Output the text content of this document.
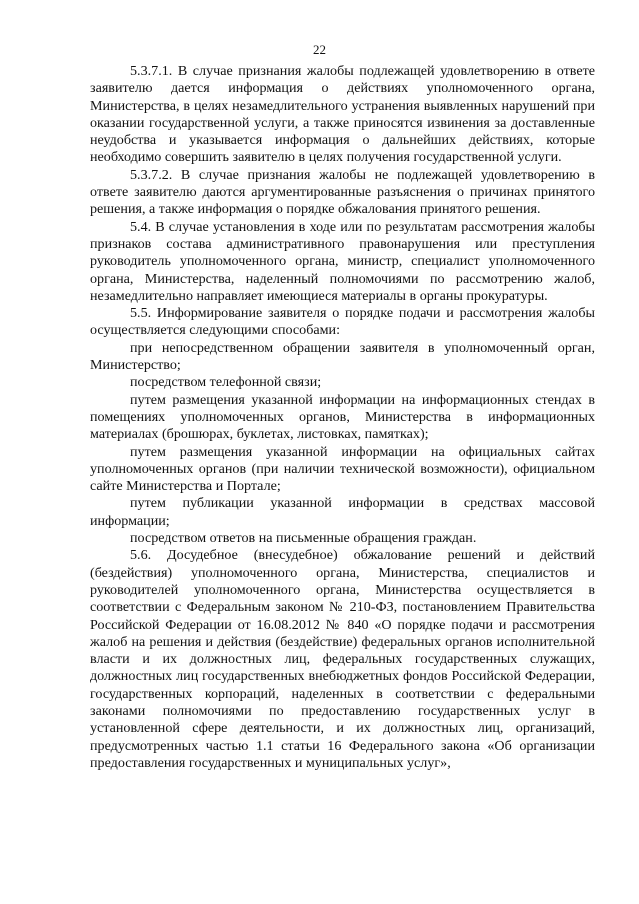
22

5.3.7.1. В случае признания жалобы подлежащей удовлетворению в ответе заявителю дается информация о действиях уполномоченного органа, Министерства, в целях незамедлительного устранения выявленных нарушений при оказании государственной услуги, а также приносятся извинения за доставленные неудобства и указывается информация о дальнейших действиях, которые необходимо совершить заявителю в целях получения государственной услуги.

5.3.7.2. В случае признания жалобы не подлежащей удовлетворению в ответе заявителю даются аргументированные разъяснения о причинах принятого решения, а также информация о порядке обжалования принятого решения.

5.4. В случае установления в ходе или по результатам рассмотрения жалобы признаков состава административного правонарушения или преступления руководитель уполномоченного органа, министр, специалист уполномоченного органа, Министерства, наделенный полномочиями по рассмотрению жалоб, незамедлительно направляет имеющиеся материалы в органы прокуратуры.

5.5. Информирование заявителя о порядке подачи и рассмотрения жалобы осуществляется следующими способами:

при непосредственном обращении заявителя в уполномоченный орган, Министерство;

посредством телефонной связи;

путем размещения указанной информации на информационных стендах в помещениях уполномоченных органов, Министерства в информационных материалах (брошюрах, буклетах, листовках, памятках);

путем размещения указанной информации на официальных сайтах уполномоченных органов (при наличии технической возможности), официальном сайте Министерства и Портале;

путем публикации указанной информации в средствах массовой информации;

посредством ответов на письменные обращения граждан.

5.6. Досудебное (внесудебное) обжалование решений и действий (бездействия) уполномоченного органа, Министерства, специалистов и руководителей уполномоченного органа, Министерства осуществляется в соответствии с Федеральным законом № 210-ФЗ, постановлением Правительства Российской Федерации от 16.08.2012 № 840 «О порядке подачи и рассмотрения жалоб на решения и действия (бездействие) федеральных органов исполнительной власти и их должностных лиц, федеральных государственных служащих, должностных лиц государственных внебюджетных фондов Российской Федерации, государственных корпораций, наделенных в соответствии с федеральными законами полномочиями по предоставлению государственных услуг в установленной сфере деятельности, и их должностных лиц, организаций, предусмотренных частью 1.1 статьи 16 Федерального закона «Об организации предоставления государственных и муниципальных услуг»,
